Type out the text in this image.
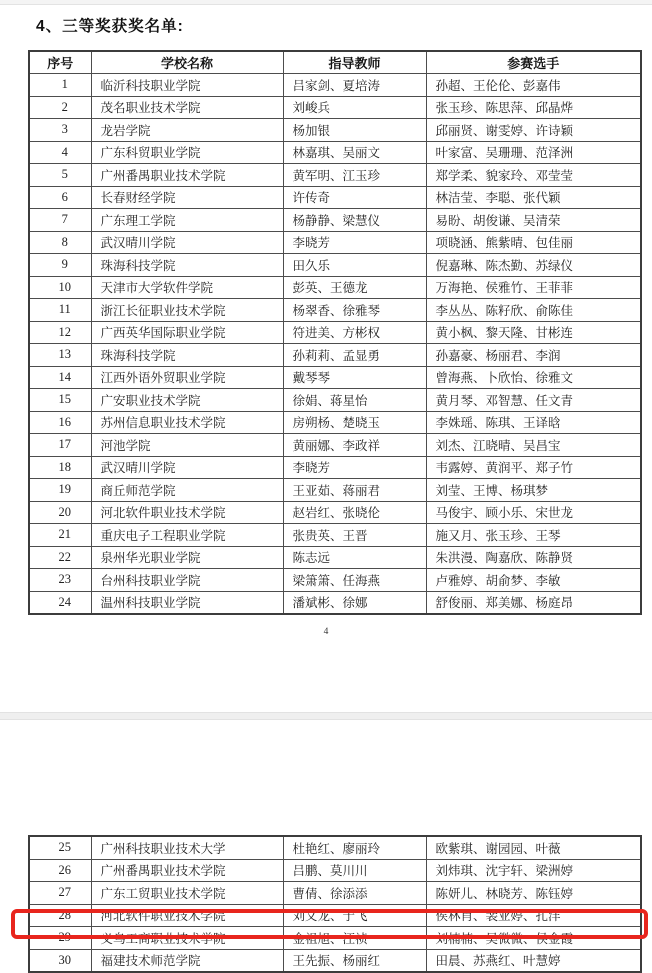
4、三等奖获奖名单:
序号	学校名称	指导教师	参赛选手
1	临沂科技职业学院	吕家剑、夏培涛	孙超、王伦伦、彭嘉伟
2	茂名职业技术学院	刘峻兵	张玉珍、陈思萍、邱晶烨
3	龙岩学院	杨加银	邱丽贤、谢雯婷、许诗颖
4	广东科贸职业学院	林嘉琪、吴丽文	叶家富、吴珊珊、范泽洲
5	广州番禺职业技术学院	黄军明、江玉珍	郑学柔、貌家玲、邓莹莹
6	长春财经学院	许传奇	林洁莹、李聪、张代颖
7	广东理工学院	杨静静、梁慧仪	易盼、胡俊谦、吴清荣
8	武汉晴川学院	李晓芳	项晓涵、熊紫晴、包佳丽
9	珠海科技学院	田久乐	倪嘉琳、陈杰勤、苏绿仪
10	天津市大学软件学院	彭英、王德龙	万海艳、侯雅竹、王菲菲
11	浙江长征职业技术学院	杨翠香、徐雅琴	李丛丛、陈籽欣、俞陈佳
12	广西英华国际职业学院	符进美、方彬权	黄小枫、黎天隆、甘彬连
13	珠海科技学院	孙莉莉、孟显勇	孙嘉豪、杨丽君、李润
14	江西外语外贸职业学院	戴琴琴	曾海燕、卜欣怡、徐雅文
15	广安职业技术学院	徐娟、蒋星怡	黄月琴、邓智慧、任文青
16	苏州信息职业技术学院	房朔杨、楚晓玉	李姝瑶、陈琪、王译晗
17	河池学院	黄丽娜、李政祥	刘杰、江晓晴、吴昌宝
18	武汉晴川学院	李晓芳	韦露婷、黄润平、郑子竹
19	商丘师范学院	王亚茹、蒋丽君	刘莹、王博、杨琪梦
20	河北软件职业技术学院	赵岩红、张晓伦	马俊宇、顾小乐、宋世龙
21	重庆电子工程职业学院	张贵英、王晋	施又月、张玉珍、王琴
22	泉州华光职业学院	陈志远	朱洪漫、陶嘉欣、陈静贤
23	台州科技职业学院	梁箫箫、任海燕	卢雅婷、胡俞梦、李敏
24	温州科技职业学院	潘斌彬、徐娜	舒俊丽、郑美娜、杨庭昂
4
25	广州科技职业技术大学	杜艳红、廖丽玲	欧紫琪、谢园园、叶薇
26	广州番禺职业技术学院	吕鹏、莫川川	刘炜琪、沈宇轩、梁洲婷
27	广东工贸职业技术学院	曹倩、徐添添	陈妍儿、林晓芳、陈钰婷
28	河北软件职业技术学院	刘义龙、于飞	侯林肖、裴亚婷、孔洋
29	义乌工商职业技术学院	金祖旭、汪祯	刘楠楠、吴微微、侯金霞
30	福建技术师范学院	王先振、杨丽红	田晨、苏燕红、叶慧婷
